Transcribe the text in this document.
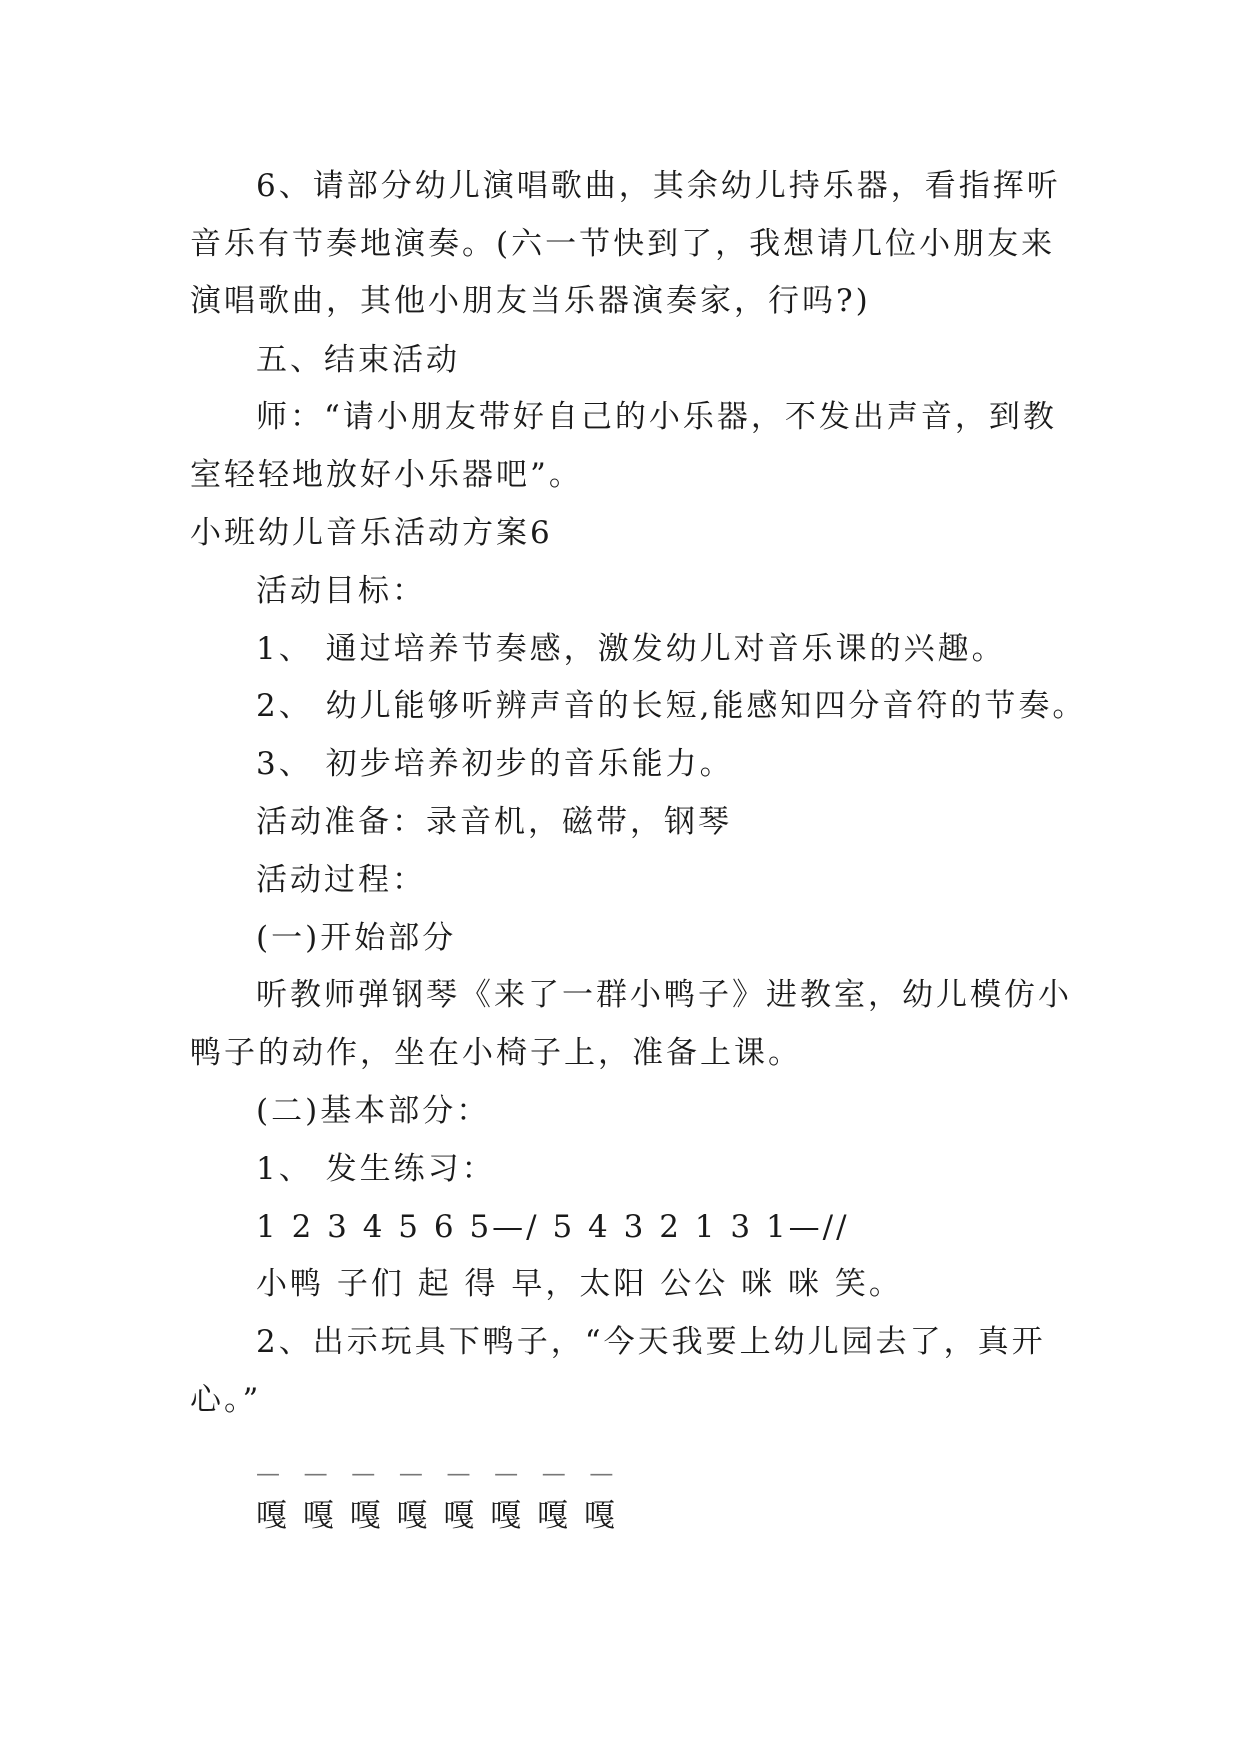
6、请部分幼儿演唱歌曲，其余幼儿持乐器，看指挥听
音乐有节奏地演奏。(六一节快到了，我想请几位小朋友来
演唱歌曲，其他小朋友当乐器演奏家，行吗?)
五、结束活动
师：“请小朋友带好自己的小乐器，不发出声音，到教
室轻轻地放好小乐器吧”。
小班幼儿音乐活动方案6
活动目标：
1、 通过培养节奏感，激发幼儿对音乐课的兴趣。
2、 幼儿能够听辨声音的长短,能感知四分音符的节奏。
3、 初步培养初步的音乐能力。
活动准备：录音机，磁带，钢琴
活动过程：
(一)开始部分
听教师弹钢琴《来了一群小鸭子》进教室，幼儿模仿小
鸭子的动作，坐在小椅子上，准备上课。
(二)基本部分：
1、 发生练习：
1 2 3 4 5 6 5—/ 5 4 3 2 1 3 1—//
小鸭 子们 起 得 早，太阳 公公 咪 咪 笑。
2、出示玩具下鸭子，“今天我要上幼儿园去了，真开
心。”
— — — — — — — —
嘎 嘎 嘎 嘎 嘎 嘎 嘎 嘎
